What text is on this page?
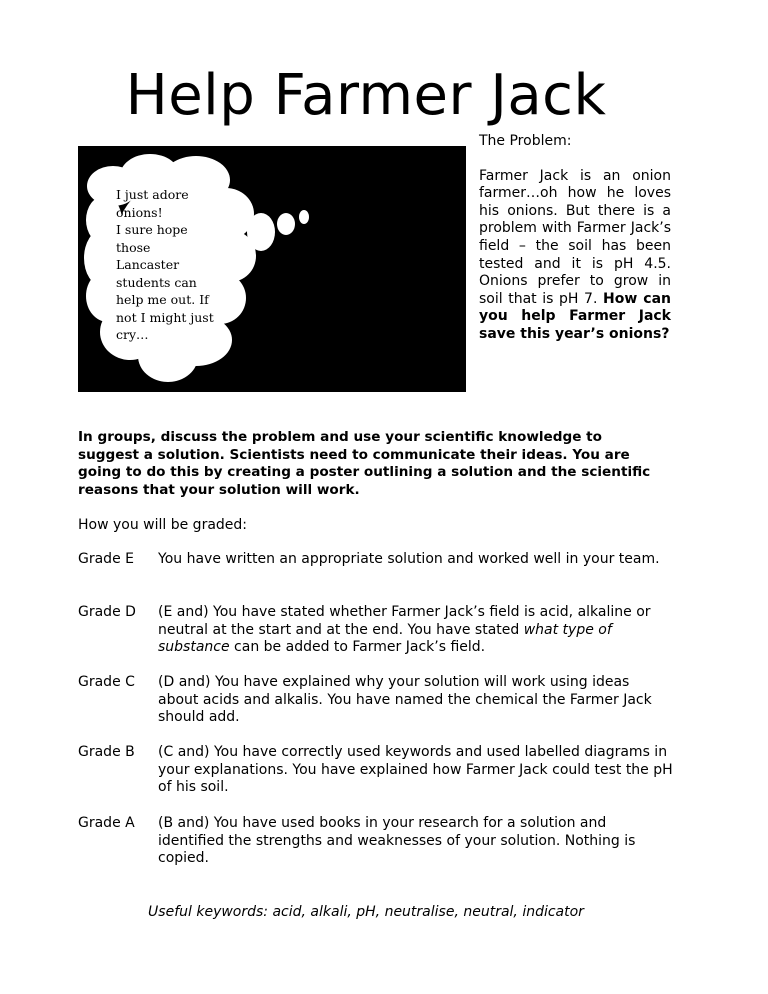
Help Farmer Jack
I just adore
onions!
I sure hope
those
Lancaster
students can
help me out. If
not I might just
cry…

The Problem:

Farmer Jack is an onion farmer…oh how he loves his onions. But there is a problem with Farmer Jack’s field – the soil has been tested and it is pH 4.5. Onions prefer to grow in soil that is pH 7. How can you help Farmer Jack save this year’s onions?

In groups, discuss the problem and use your scientific knowledge to suggest a solution. Scientists need to communicate their ideas. You are going to do this by creating a poster outlining a solution and the scientific reasons that your solution will work.

How you will be graded:

Grade E	You have written an appropriate solution and worked well in your team.
Grade D	(E and) You have stated whether Farmer Jack’s field is acid, alkaline or neutral at the start and at the end. You have stated what type of substance can be added to Farmer Jack’s field.
Grade C	(D and) You have explained why your solution will work using ideas about acids and alkalis. You have named the chemical the Farmer Jack should add.
Grade B	(C and) You have correctly used keywords and used labelled diagrams in your explanations. You have explained how Farmer Jack could test the pH of his soil.
Grade A	(B and) You have used books in your research for a solution and identified the strengths and weaknesses of your solution. Nothing is copied.

Useful keywords: acid, alkali, pH, neutralise, neutral, indicator
